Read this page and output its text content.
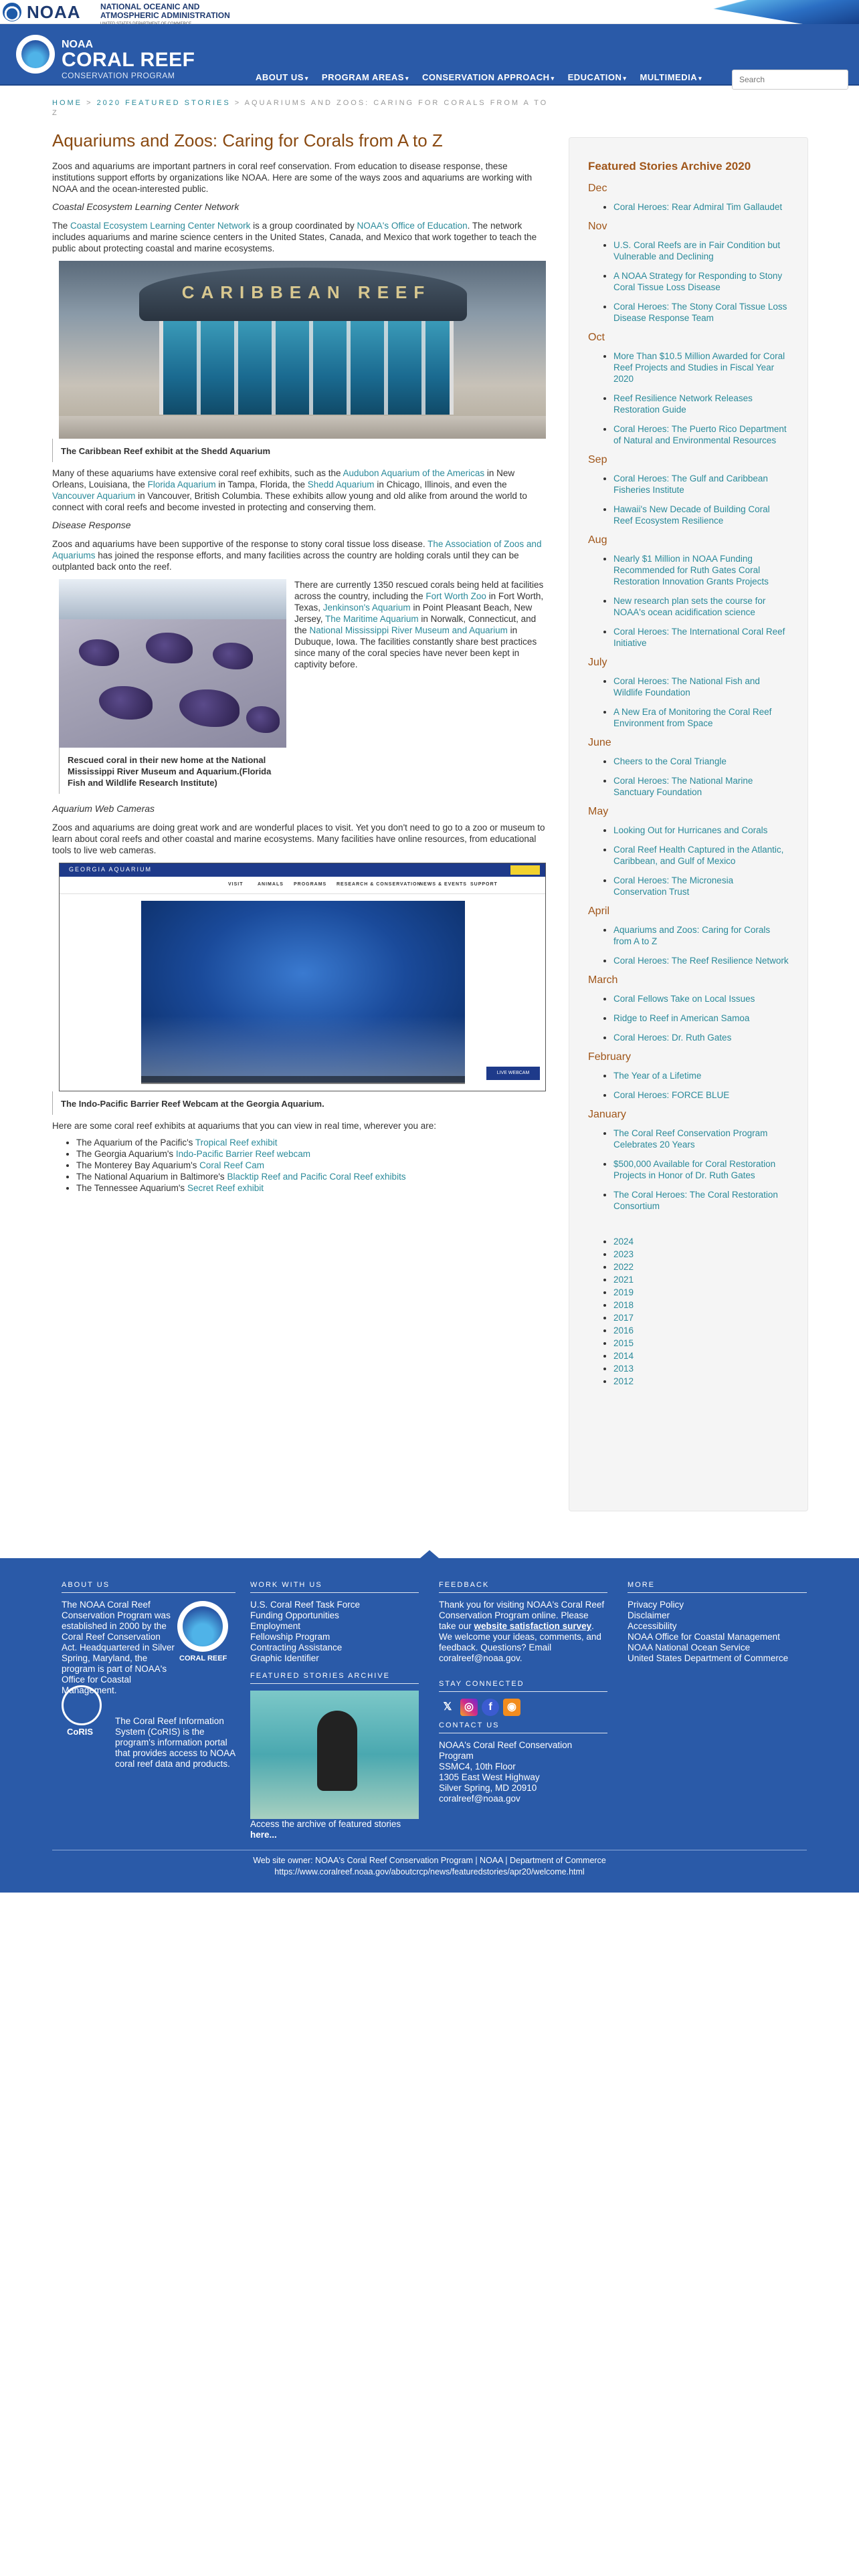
NOAA NATIONAL OCEANIC AND
ATMOSPHERIC ADMINISTRATION
NOAA
CORAL REEF
CONSERVATION PROGRAM	ABOUT US ▾ PROGRAM AREAS ▾ CONSERVATION APPROACH ▾ EDUCATION ▾ MULTIMEDIA ▾
Search
HOME > 2020 FEATURED STORIES > AQUARIUMS AND ZOOS: CARING FOR CORALS FROM A TO Z
Aquariums and Zoos: Caring for Corals from A to Z

Zoos and aquariums are important partners in coral reef conservation. From education to disease response, these institutions support efforts by organizations like NOAA. Here are some of the ways zoos and aquariums are working with NOAA and the ocean-interested public.

Coastal Ecosystem Learning Center Network

The Coastal Ecosystem Learning Center Network is a group coordinated by NOAA's Office of Education. The network includes aquariums and marine science centers in the United States, Canada, and Mexico that work together to teach the public about protecting coastal and marine ecosystems.

CARIBBEAN REEF
The Caribbean Reef exhibit at the Shedd Aquarium

Many of these aquariums have extensive coral reef exhibits, such as the Audubon Aquarium of the Americas in New Orleans, Louisiana, the Florida Aquarium in Tampa, Florida, the Shedd Aquarium in Chicago, Illinois, and even the Vancouver Aquarium in Vancouver, British Columbia. These exhibits allow young and old alike from around the world to connect with coral reefs and become invested in protecting and conserving them.

Disease Response

Zoos and aquariums have been supportive of the response to stony coral tissue loss disease. The Association of Zoos and Aquariums has joined the response efforts, and many facilities across the country are holding corals until they can be outplanted back onto the reef.

Rescued coral in their new home at the National Mississippi River Museum and Aquarium.(Florida Fish and Wildlife Research Institute)
There are currently 1350 rescued corals being held at facilities across the country, including the Fort Worth Zoo in Fort Worth, Texas, Jenkinson's Aquarium in Point Pleasant Beach, New Jersey, The Maritime Aquarium in Norwalk, Connecticut, and the National Mississippi River Museum and Aquarium in Dubuque, Iowa. The facilities constantly share best practices since many of the coral species have never been kept in captivity before.
Aquarium Web Cameras

Zoos and aquariums are doing great work and are wonderful places to visit. Yet you don't need to go to a zoo or museum to learn about coral reefs and other coastal and marine ecosystems. Many facilities have online resources, from educational tools to live web cameras.

GEORGIA AQUARIUM
VISIT	ANIMALS PROGRAMS RESEARCH & CONSERVATION
NEWS & EVENTS SUPPORT
LIVE WEBCAM
The Indo-Pacific Barrier Reef Webcam at the Georgia Aquarium.

Here are some coral reef exhibits at aquariums that you can view in real time, wherever you are:

• The Aquarium of the Pacific's Tropical Reef exhibit
• The Georgia Aquarium's Indo-Pacific Barrier Reef webcam
• The Monterey Bay Aquarium's Coral Reef Cam
• The National Aquarium in Baltimore's Blacktip Reef and Pacific Coral Reef exhibits
• The Tennessee Aquarium's Secret Reef exhibit
Featured Stories Archive 2020
Dec
• Coral Heroes: Rear Admiral Tim Gallaudet
Nov
• U.S. Coral Reefs are in Fair Condition but Vulnerable and Declining
• A NOAA Strategy for Responding to Stony Coral Tissue Loss Disease
• Coral Heroes: The Stony Coral Tissue Loss Disease Response Team
Oct
• More Than $10.5 Million Awarded for Coral Reef Projects and Studies in Fiscal Year 2020
• Reef Resilience Network Releases Restoration Guide
• Coral Heroes: The Puerto Rico Department of Natural and Environmental Resources
Sep
• Coral Heroes: The Gulf and Caribbean Fisheries Institute
• Hawaii's New Decade of Building Coral Reef Ecosystem Resilience
Aug
• Nearly $1 Million in NOAA Funding Recommended for Ruth Gates Coral Restoration Innovation Grants Projects
• New research plan sets the course for NOAA's ocean acidification science
• Coral Heroes: The International Coral Reef Initiative
July
• Coral Heroes: The National Fish and Wildlife Foundation
• A New Era of Monitoring the Coral Reef Environment from Space
June
• Cheers to the Coral Triangle
• Coral Heroes: The National Marine Sanctuary Foundation
May
• Looking Out for Hurricanes and Corals
• Coral Reef Health Captured in the Atlantic, Caribbean, and Gulf of Mexico
• Coral Heroes: The Micronesia Conservation Trust
April
• Aquariums and Zoos: Caring for Corals from A to Z
• Coral Heroes: The Reef Resilience Network
March
• Coral Fellows Take on Local Issues
• Ridge to Reef in American Samoa
• Coral Heroes: Dr. Ruth Gates
February
• The Year of a Lifetime
• Coral Heroes: FORCE BLUE
January
• The Coral Reef Conservation Program Celebrates 20 Years
• $500,000 Available for Coral Restoration Projects in Honor of Dr. Ruth Gates
• The Coral Heroes: The Coral Restoration Consortium
• 2024
• 2023
• 2022
• 2021
• 2019
• 2018
• 2017
• 2016
• 2015
• 2014
• 2013
• 2012
ABOUT US
The NOAA Coral Reef Conservation Program was established in 2000 by the Coral Reef Conservation Act. Headquartered in Silver Spring, Maryland, the program is part of NOAA's Office for Coastal Management.
The Coral Reef Information System (CoRIS) is the program's information portal that provides access to NOAA coral reef data and products.
WORK WITH US
U.S. Coral Reef Task Force
Funding Opportunities
Employment
Fellowship Program
Contracting Assistance
Graphic Identifier
FEATURED STORIES ARCHIVE
Access the archive of featured stories
here...
FEEDBACK
Thank you for visiting NOAA's Coral Reef Conservation Program online. Please take our website satisfaction survey. We welcome your ideas, comments, and feedback. Questions? Email coralreef@noaa.gov.
STAY CONNECTED
𝕏	◎	f	◉
CONTACT US
NOAA's Coral Reef Conservation Program
SSMC4, 10th Floor
1305 East West Highway
Silver Spring, MD 20910
coralreef@noaa.gov
MORE
Privacy Policy
Disclaimer
Accessibility
NOAA Office for Coastal Management
NOAA National Ocean Service
United States Department of Commerce
Web site owner: NOAA's Coral Reef Conservation Program | NOAA | Department of Commerce
https://www.coralreef.noaa.gov/aboutcrcp/news/featuredstories/apr20/welcome.html
CORAL REEF
CoRIS
